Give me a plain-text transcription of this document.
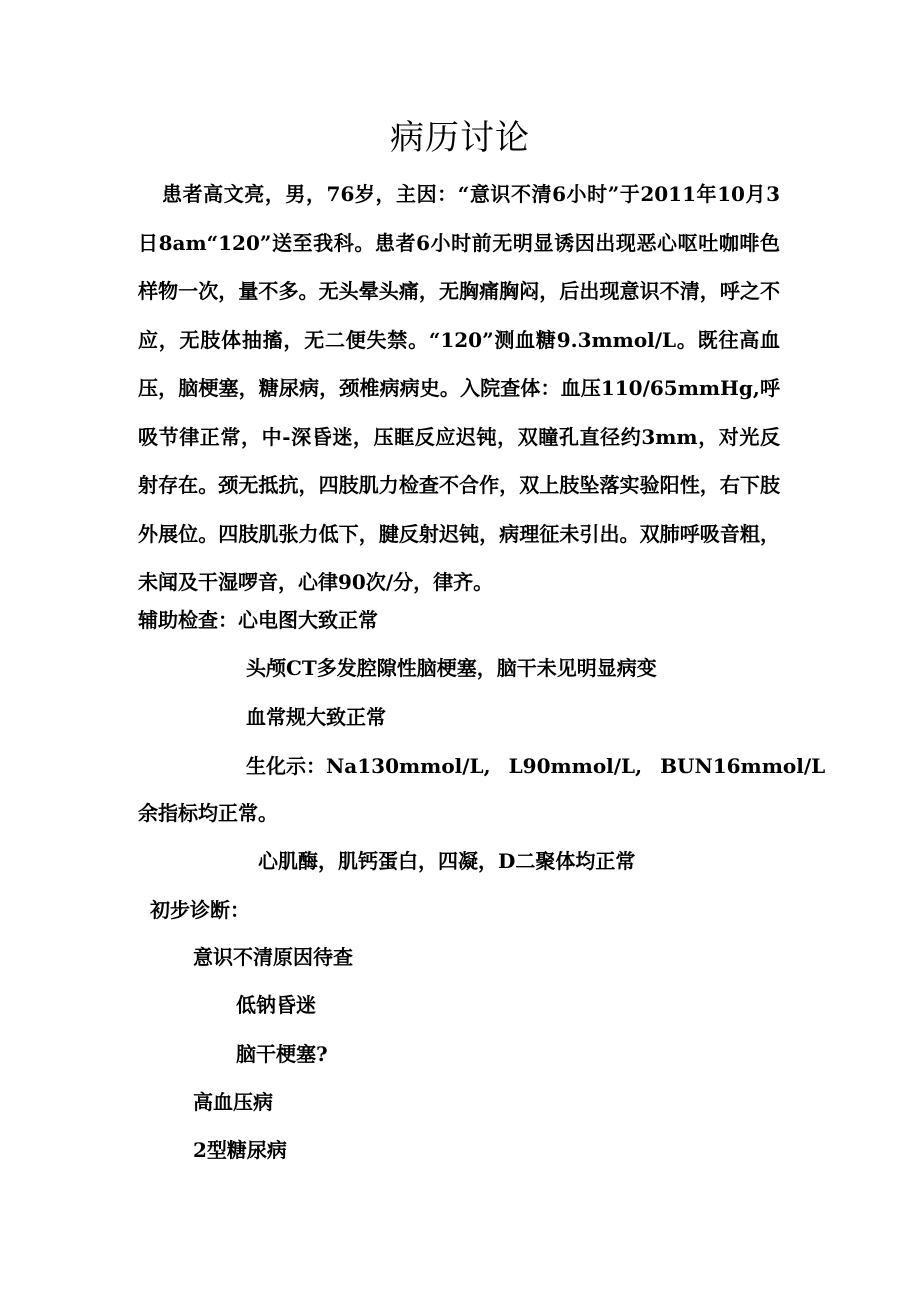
病历讨论
患者高文亮，男，76岁，主因：“意识不清6小时”于2011年10月3日8am“120”送至我科。患者6小时前无明显诱因出现恶心呕吐咖啡色样物一次，量不多。无头晕头痛，无胸痛胸闷，后出现意识不清，呼之不应，无肢体抽搐，无二便失禁。“120”测血糖9.3mmol/L。既往高血压，脑梗塞，糖尿病，颈椎病病史。入院查体：血压110/65mmHg,呼吸节律正常，中-深昏迷，压眶反应迟钝，双瞳孔直径约3mm，对光反射存在。颈无抵抗，四肢肌力检查不合作，双上肢坠落实验阳性，右下肢外展位。四肢肌张力低下，腱反射迟钝，病理征未引出。双肺呼吸音粗，未闻及干湿啰音，心律90次/分，律齐。
辅助检查：心电图大致正常
头颅CT多发腔隙性脑梗塞，脑干未见明显病变
血常规大致正常
生化示：Na130mmol/L, L90mmol/L, BUN16mmol/L
余指标均正常。
心肌酶，肌钙蛋白，四凝，D二聚体均正常
初步诊断：
意识不清原因待查
低钠昏迷
脑干梗塞?
高血压病
2型糖尿病
